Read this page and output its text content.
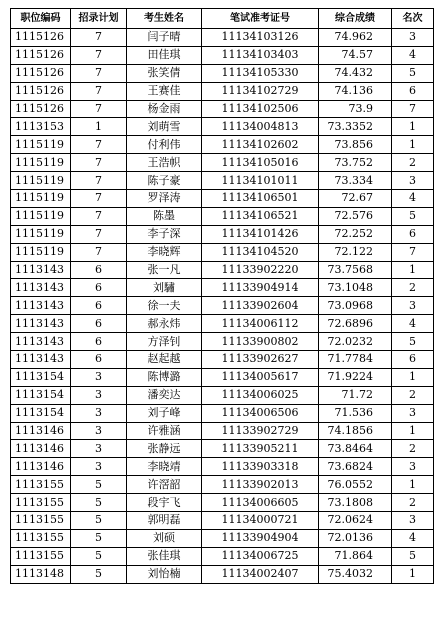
职位编码	招录计划	考生姓名	笔试准考证号	综合成绩	名次
1115126	7	闫子晴	11134103126	74.962	3
1115126	7	田佳琪	11134103403	74.57	4
1115126	7	张笑倩	11134105330	74.432	5
1115126	7	王赛佳	11134102729	74.136	6
1115126	7	杨金雨	11134102506	73.9	7
1113153	1	刘萌雪	11134004813	73.3352	1
1115119	7	付利伟	11134102602	73.856	1
1115119	7	王浩帜	11134105016	73.752	2
1115119	7	陈子豪	11134101011	73.334	3
1115119	7	罗泽涛	11134106501	72.67	4
1115119	7	陈墨	11134106521	72.576	5
1115119	7	李子深	11134101426	72.252	6
1115119	7	李晓辉	11134104520	72.122	7
1113143	6	张一凡	11133902220	73.7568	1
1113143	6	刘驌	11133904914	73.1048	2
1113143	6	徐一夫	11133902604	73.0968	3
1113143	6	郝永炜	11134006112	72.6896	4
1113143	6	方泽钊	11133900802	72.0232	5
1113143	6	赵起越	11133902627	71.7784	6
1113154	3	陈博潞	11134005617	71.9224	1
1113154	3	潘奕达	11134006025	71.72	2
1113154	3	刘子峰	11134006506	71.536	3
1113146	3	许雅涵	11133902729	74.1856	1
1113146	3	张静远	11133905211	73.8464	2
1113146	3	李晓靖	11133903318	73.6824	3
1113155	5	许滘韶	11133902013	76.0552	1
1113155	5	段宇飞	11134006605	73.1808	2
1113155	5	郭明磊	11134000721	72.0624	3
1113155	5	刘硕	11133904904	72.0136	4
1113155	5	张佳琪	11134006725	71.864	5
1113148	5	刘怡楠	11134002407	75.4032	1
